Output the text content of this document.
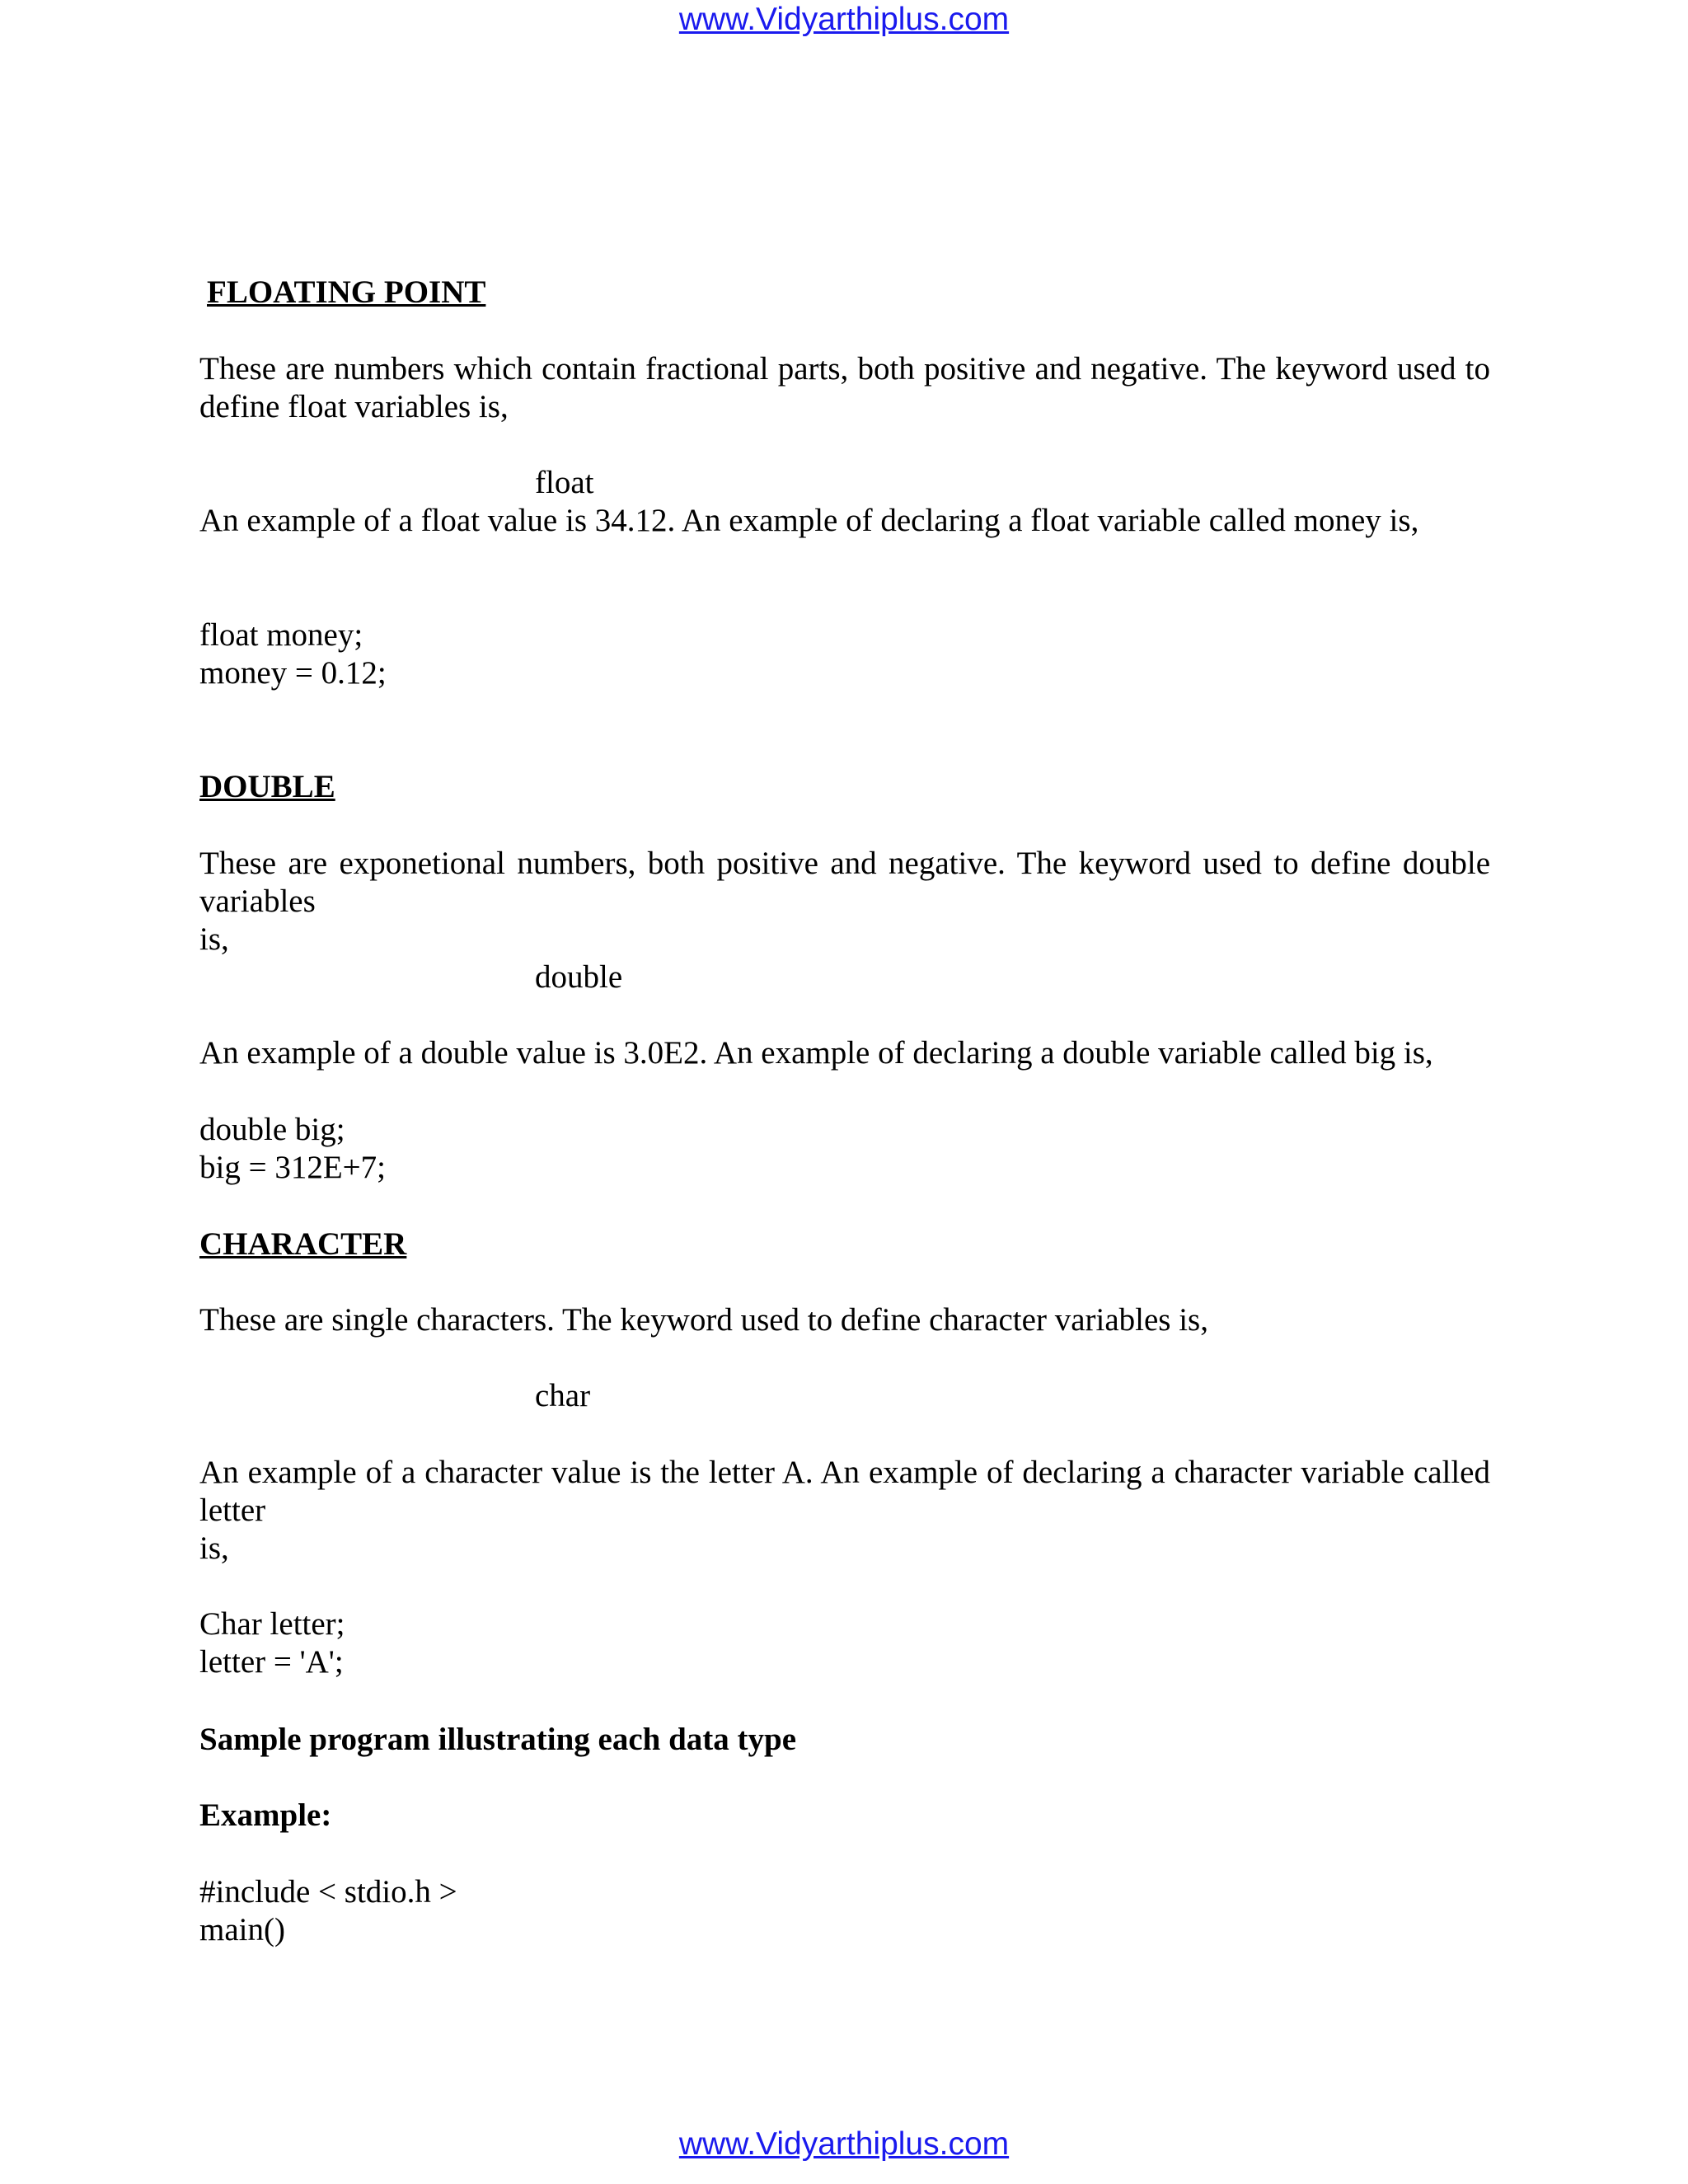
www.Vidyarthiplus.com
FLOATING POINT
These are numbers which contain fractional parts, both positive and negative. The keyword used to
define float variables is,
float
An example of a float value is 34.12. An example of declaring a float variable called money is,
float money;
money = 0.12;
DOUBLE
These are exponetional numbers, both positive and negative. The keyword used to define double
variables
is,
double
An example of a double value is 3.0E2. An example of declaring a double variable called big is,
double big;
big = 312E+7;
CHARACTER
These are single characters. The keyword used to define character variables is,
char
An example of a character value is the letter A. An example of declaring a character variable called
letter
is,
Char letter;
letter = 'A';
Sample program illustrating each data type
Example:
#include < stdio.h >
main()
www.Vidyarthiplus.com
